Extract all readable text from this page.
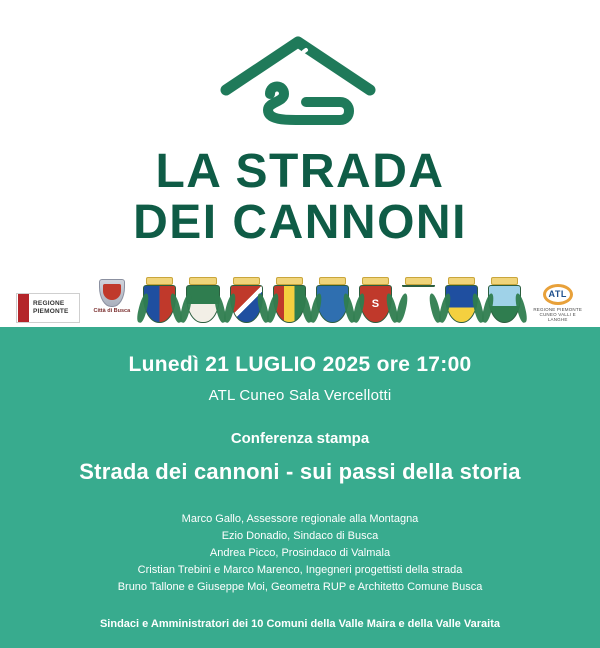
LA STRADA
DEI CANNONI
REGIONE
PIEMONTE	Città di Busca
S
ATL
REGIONE PIEMONTE CUNEO VALLI E LANGHE
Lunedì 21 LUGLIO 2025 ore 17:00
ATL Cuneo Sala Vercellotti
Conferenza stampa
Strada dei cannoni - sui passi della storia
Marco Gallo, Assessore regionale alla Montagna
Ezio Donadio, Sindaco di Busca
Andrea Picco, Prosindaco di Valmala
Cristian Trebini e Marco Marenco, Ingegneri progettisti della strada
Bruno Tallone e Giuseppe Moi, Geometra RUP e Architetto Comune Busca
Sindaci e Amministratori dei 10 Comuni della Valle Maira e della Valle Varaita
